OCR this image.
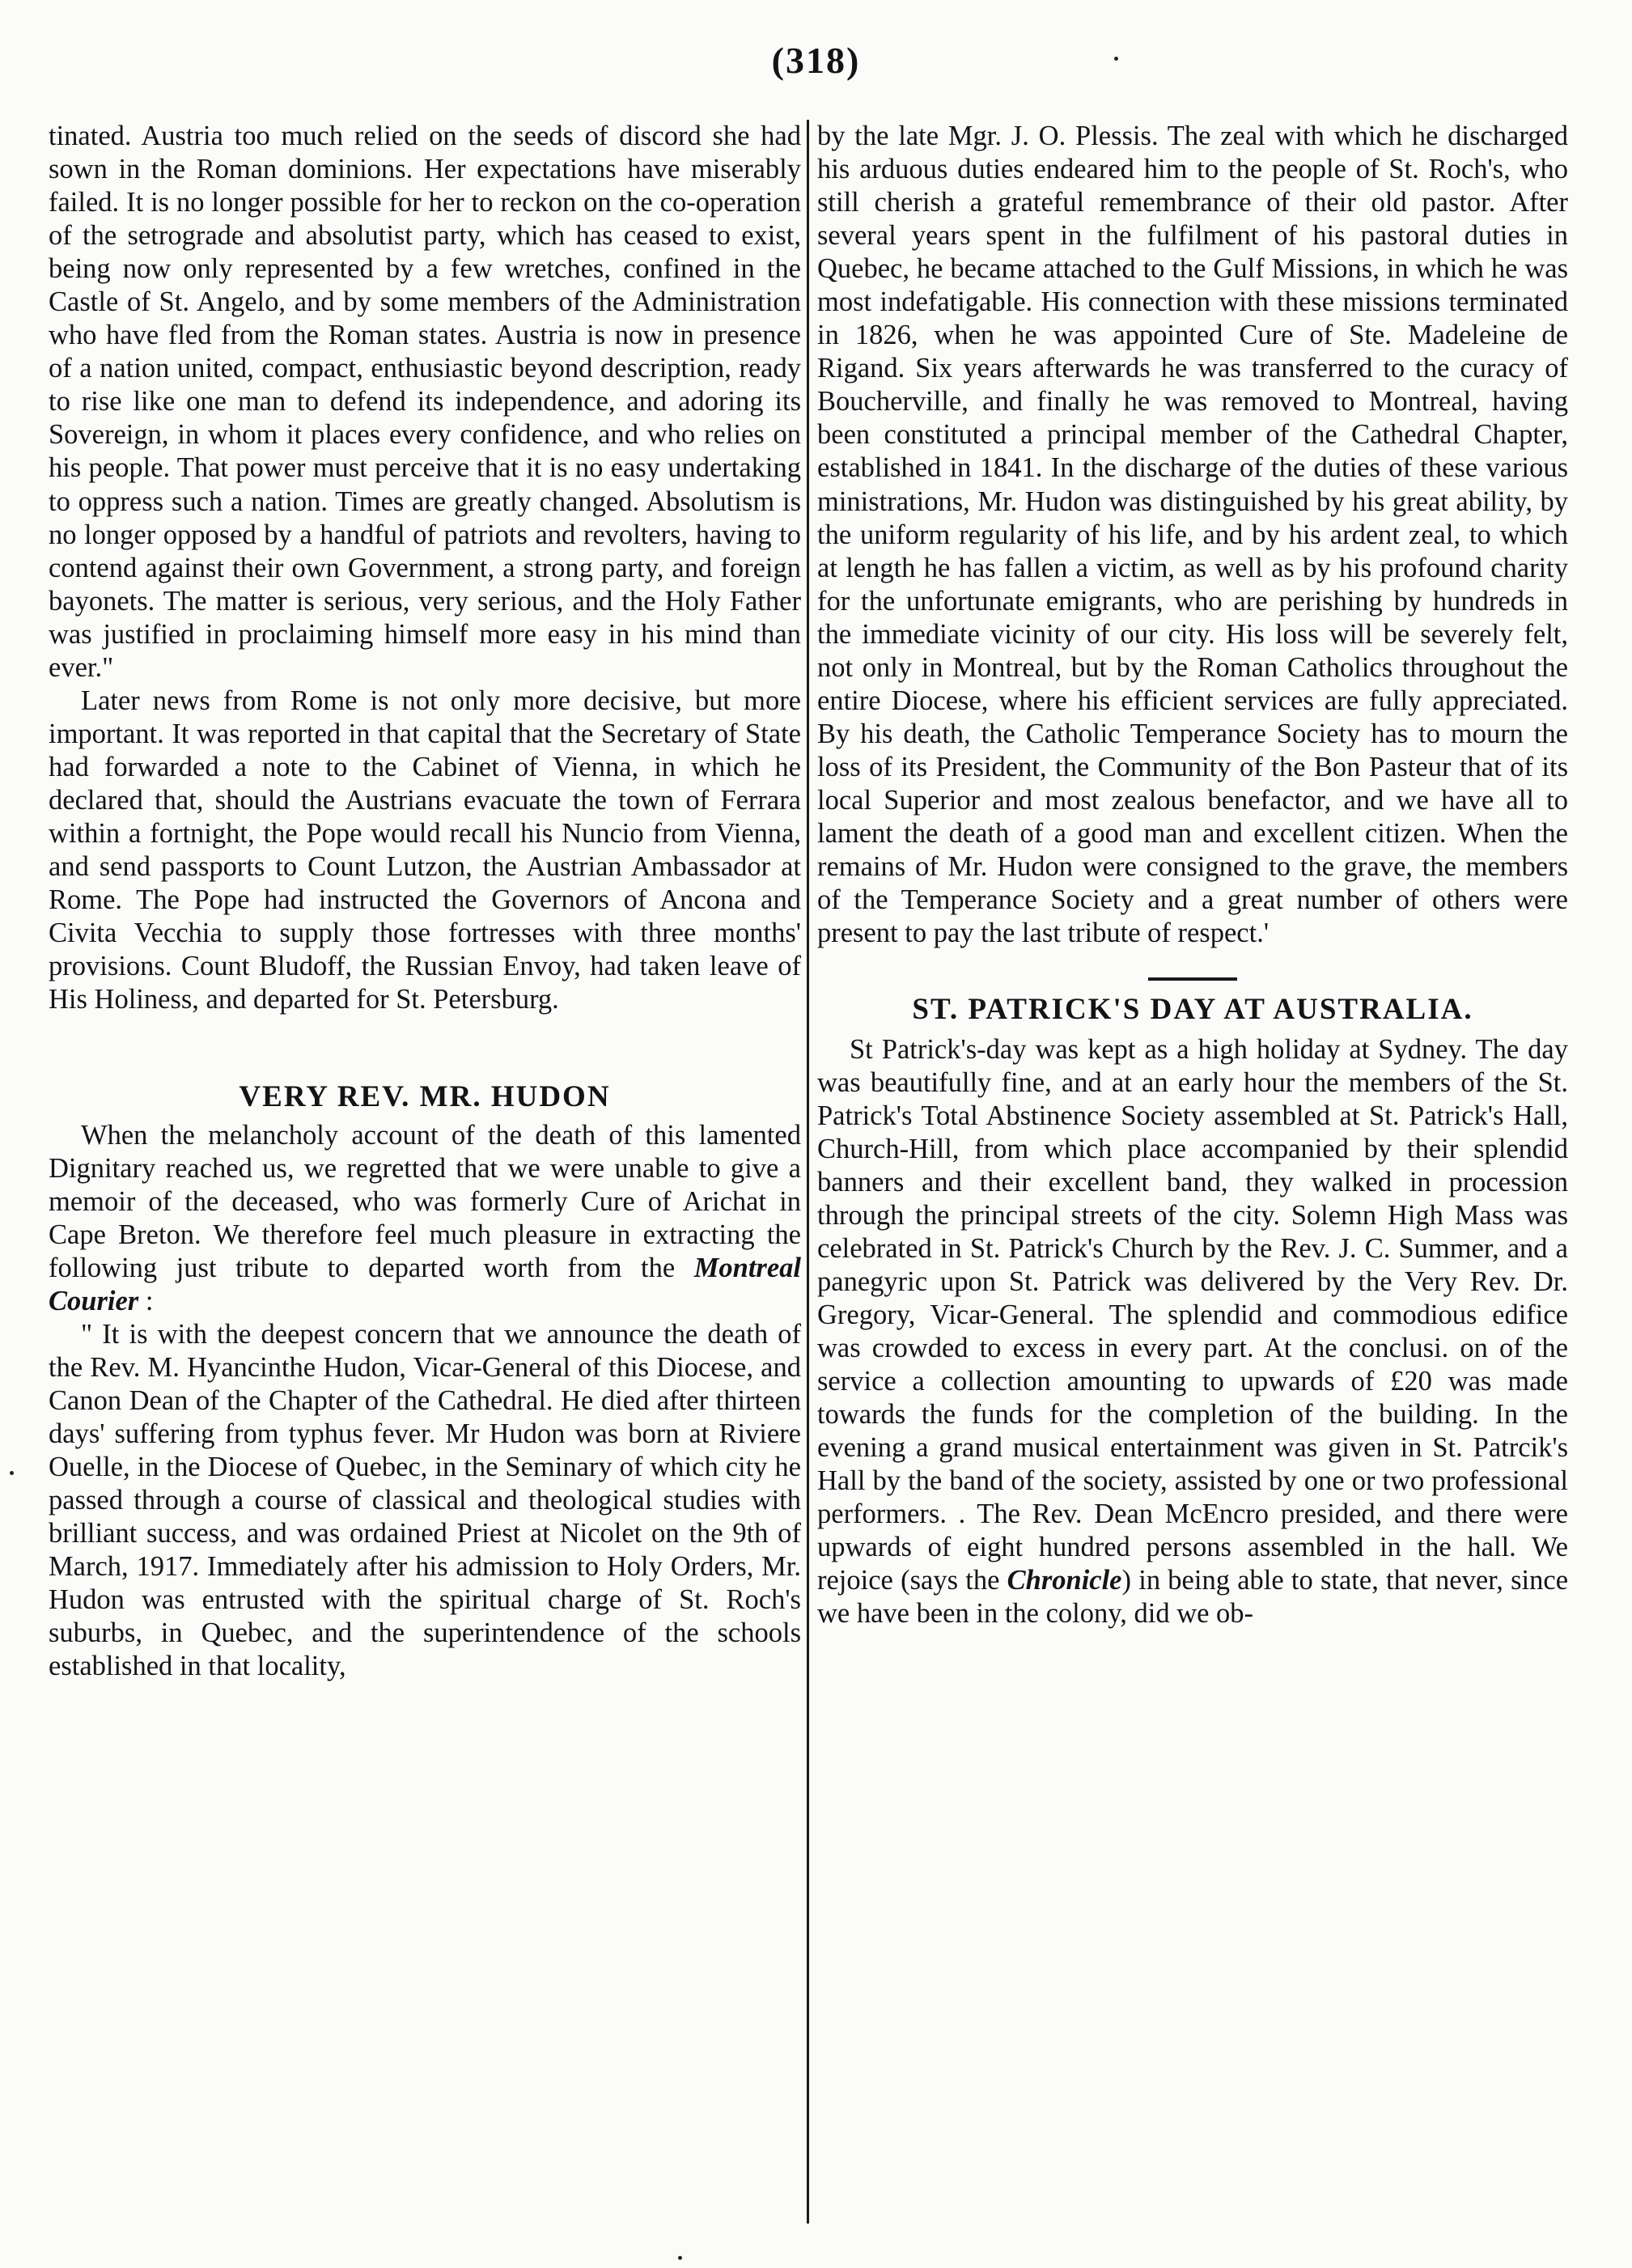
(318)

tinated. Austria too much relied on the seeds of discord she had sown in the Roman dominions. Her expectations have miserably failed. It is no longer possible for her to reckon on the co-operation of the setrograde and absolutist party, which has ceased to exist, being now only represented by a few wretches, confined in the Castle of St. Angelo, and by some members of the Administration who have fled from the Roman states. Austria is now in presence of a nation united, compact, enthusiastic beyond description, ready to rise like one man to defend its independence, and adoring its Sovereign, in whom it places every confidence, and who relies on his people. That power must perceive that it is no easy undertaking to oppress such a nation. Times are greatly changed. Absolutism is no longer opposed by a handful of patriots and revolters, having to contend against their own Government, a strong party, and foreign bayonets. The matter is serious, very serious, and the Holy Father was justified in proclaiming himself more easy in his mind than ever."

Later news from Rome is not only more decisive, but more important. It was reported in that capital that the Secretary of State had forwarded a note to the Cabinet of Vienna, in which he declared that, should the Austrians evacuate the town of Ferrara within a fortnight, the Pope would recall his Nuncio from Vienna, and send passports to Count Lutzon, the Austrian Ambassador at Rome. The Pope had instructed the Governors of Ancona and Civita Vecchia to supply those fortresses with three months' provisions. Count Bludoff, the Russian Envoy, had taken leave of His Holiness, and departed for St. Petersburg.

VERY REV. MR. HUDON

When the melancholy account of the death of this lamented Dignitary reached us, we regretted that we were unable to give a memoir of the deceased, who was formerly Cure of Arichat in Cape Breton. We therefore feel much pleasure in extracting the following just tribute to departed worth from the Montreal Courier :

" It is with the deepest concern that we announce the death of the Rev. M. Hyancinthe Hudon, Vicar-General of this Diocese, and Canon Dean of the Chapter of the Cathedral. He died after thirteen days' suffering from typhus fever. Mr Hudon was born at Riviere Ouelle, in the Diocese of Quebec, in the Seminary of which city he passed through a course of classical and theological studies with brilliant success, and was ordained Priest at Nicolet on the 9th of March, 1917. Immediately after his admission to Holy Orders, Mr. Hudon was entrusted with the spiritual charge of St. Roch's suburbs, in Quebec, and the superintendence of the schools established in that locality,

by the late Mgr. J. O. Plessis. The zeal with which he discharged his arduous duties endeared him to the people of St. Roch's, who still cherish a grateful remembrance of their old pastor. After several years spent in the fulfilment of his pastoral duties in Quebec, he became attached to the Gulf Missions, in which he was most indefatigable. His connection with these missions terminated in 1826, when he was appointed Cure of Ste. Madeleine de Rigand. Six years afterwards he was transferred to the curacy of Boucherville, and finally he was removed to Montreal, having been constituted a principal member of the Cathedral Chapter, established in 1841. In the discharge of the duties of these various ministrations, Mr. Hudon was distinguished by his great ability, by the uniform regularity of his life, and by his ardent zeal, to which at length he has fallen a victim, as well as by his profound charity for the unfortunate emigrants, who are perishing by hundreds in the immediate vicinity of our city. His loss will be severely felt, not only in Montreal, but by the Roman Catholics throughout the entire Diocese, where his efficient services are fully appreciated. By his death, the Catholic Temperance Society has to mourn the loss of its President, the Community of the Bon Pasteur that of its local Superior and most zealous benefactor, and we have all to lament the death of a good man and excellent citizen. When the remains of Mr. Hudon were consigned to the grave, the members of the Temperance Society and a great number of others were present to pay the last tribute of respect.'

ST. PATRICK'S DAY AT AUSTRALIA.

St Patrick's-day was kept as a high holiday at Sydney. The day was beautifully fine, and at an early hour the members of the St. Patrick's Total Abstinence Society assembled at St. Patrick's Hall, Church-Hill, from which place accompanied by their splendid banners and their excellent band, they walked in procession through the principal streets of the city. Solemn High Mass was celebrated in St. Patrick's Church by the Rev. J. C. Summer, and a panegyric upon St. Patrick was delivered by the Very Rev. Dr. Gregory, Vicar-General. The splendid and commodious edifice was crowded to excess in every part. At the conclusi. on of the service a collection amounting to upwards of £20 was made towards the funds for the completion of the building. In the evening a grand musical entertainment was given in St. Patrcik's Hall by the band of the society, assisted by one or two professional performers. . The Rev. Dean McEncro presided, and there were upwards of eight hundred persons assembled in the hall. We rejoice (says the Chronicle) in being able to state, that never, since we have been in the colony, did we ob-
